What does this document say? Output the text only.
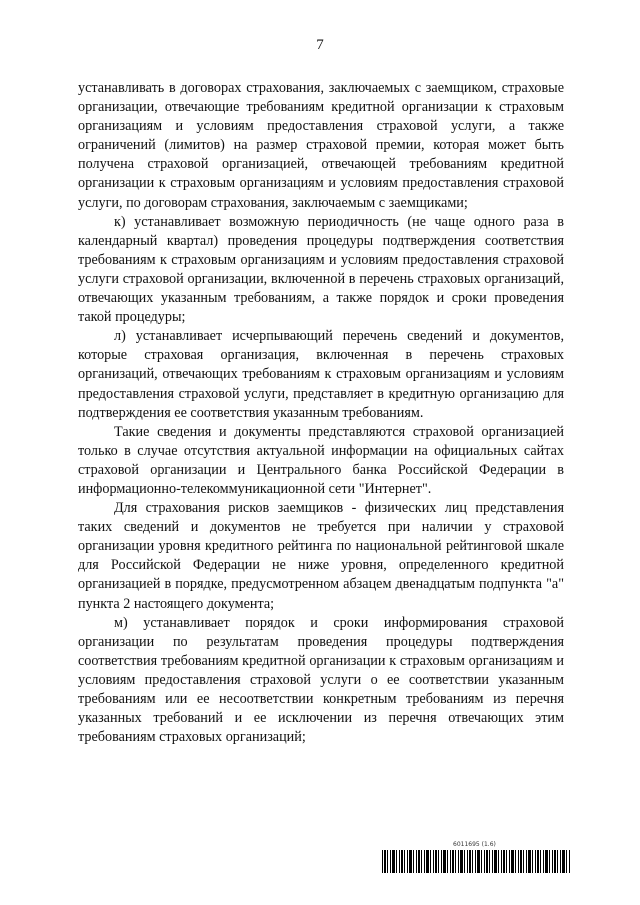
7

устанавливать в договорах страхования, заключаемых с заемщиком, страховые организации, отвечающие требованиям кредитной организации к страховым организациям и условиям предоставления страховой услуги, а также ограничений (лимитов) на размер страховой премии, которая может быть получена страховой организацией, отвечающей требованиям кредитной организации к страховым организациям и условиям предоставления страховой услуги, по договорам страхования, заключаемым с заемщиками;

к) устанавливает возможную периодичность (не чаще одного раза в календарный квартал) проведения процедуры подтверждения соответствия требованиям к страховым организациям и условиям предоставления страховой услуги страховой организации, включенной в перечень страховых организаций, отвечающих указанным требованиям, а также порядок и сроки проведения такой процедуры;

л) устанавливает исчерпывающий перечень сведений и документов, которые страховая организация, включенная в перечень страховых организаций, отвечающих требованиям к страховым организациям и условиям предоставления страховой услуги, представляет в кредитную организацию для подтверждения ее соответствия указанным требованиям.

Такие сведения и документы представляются страховой организацией только в случае отсутствия актуальной информации на официальных сайтах страховой организации и Центрального банка Российской Федерации в информационно-телекоммуникационной сети "Интернет".

Для страхования рисков заемщиков - физических лиц представления таких сведений и документов не требуется при наличии у страховой организации уровня кредитного рейтинга по национальной рейтинговой шкале для Российской Федерации не ниже уровня, определенного кредитной организацией в порядке, предусмотренном абзацем двенадцатым подпункта "а" пункта 2 настоящего документа;

м) устанавливает порядок и сроки информирования страховой организации по результатам проведения процедуры подтверждения соответствия требованиям кредитной организации к страховым организациям и условиям предоставления страховой услуги о ее соответствии указанным требованиям или ее несоответствии конкретным требованиям из перечня указанных требований и ее исключении из перечня отвечающих этим требованиям страховых организаций;

6011695 (1.6)
